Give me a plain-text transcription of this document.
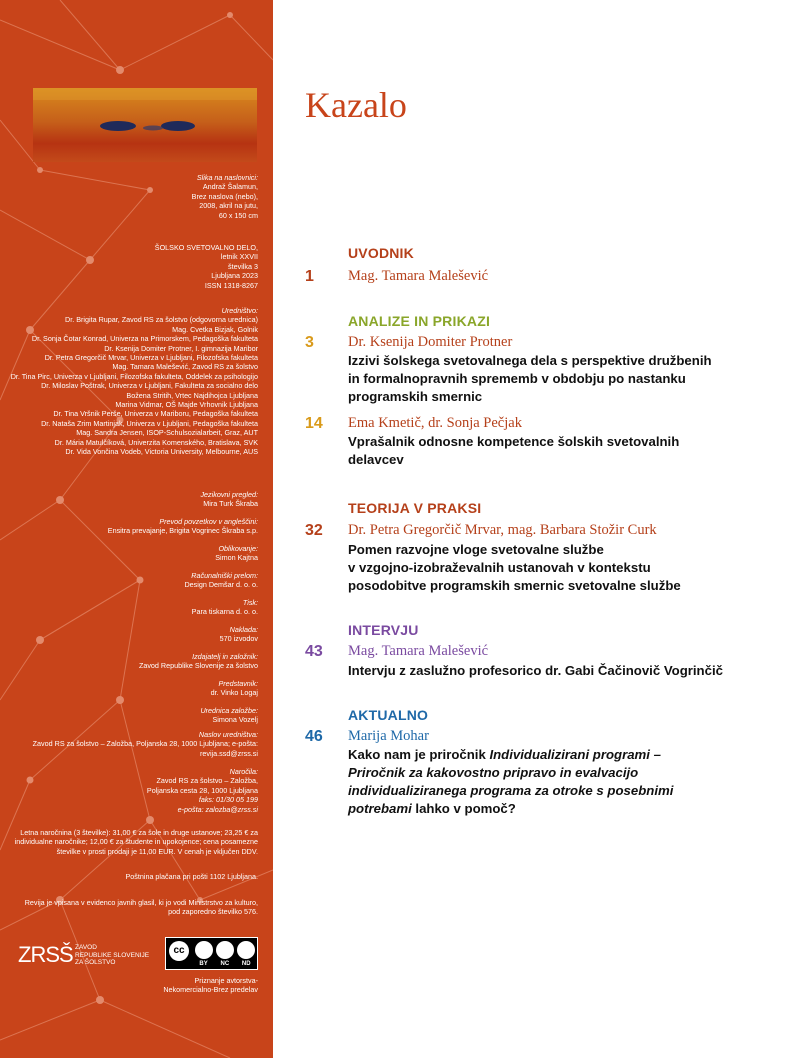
Slika na naslovnici:
Andraž Šalamun,
Brez naslova (nebo),
2008, akril na jutu,
60 x 150 cm
ŠOLSKO SVETOVALNO DELO,
letnik XXVII
številka 3
Ljubljana 2023
ISSN 1318-8267
Uredništvo:
Dr. Brigita Rupar, Zavod RS za šolstvo (odgovorna urednica)
Mag. Cvetka Bizjak, Golnik
Dr. Sonja Čotar Konrad, Univerza na Primorskem, Pedagoška fakulteta
Dr. Ksenija Domiter Protner, I. gimnazija Maribor
Dr. Petra Gregorčič Mrvar, Univerza v Ljubljani, Filozofska fakulteta
Mag. Tamara Malešević, Zavod RS za šolstvo
Dr. Tina Pirc, Univerza v Ljubljani, Filozofska fakulteta, Oddelek za psihologijo
Dr. Miloslav Poštrak, Univerza v Ljubljani, Fakulteta za socialno delo
Božena Stritih, Vrtec Najdihojca Ljubljana
Marina Vidmar, OŠ Majde Vrhovnik Ljubljana
Dr. Tina Vršnik Perše, Univerza v Mariboru, Pedagoška fakulteta
Dr. Nataša Zrim Martinjak, Univerza v Ljubljani, Pedagoška fakulteta
Mag. Sandra Jensen, ISOP-Schulsozialarbeit, Graz, AUT
Dr. Mária Matulčíková, Univerzita Komenského, Bratislava, SVK
Dr. Vida Vončina Vodeb, Victoria University, Melbourne, AUS
Jezikovni pregled:
Mira Turk Škraba
Prevod povzetkov v angleščini:
Ensitra prevajanje, Brigita Vogrinec Škraba s.p.
Oblikovanje:
Simon Kajtna
Računalniški prelom:
Design Demšar d. o. o.
Tisk:
Para tiskarna d. o. o.
Naklada:
570 izvodov
Izdajatelj in založnik:
Zavod Republike Slovenije za šolstvo
Predstavnik:
dr. Vinko Logaj
Urednica založbe:
Simona Vozelj
Naslov uredništva:
Zavod RS za šolstvo – Založba, Poljanska 28, 1000 Ljubljana; e-pošta:
revija.ssd@zrss.si
Naročila:
Zavod RS za šolstvo – Založba,
Poljanska cesta 28, 1000 Ljubljana
faks: 01/30 05 199
e-pošta: zalozba@zrss.si
Letna naročnina (3 številke): 31,00 € za šole in druge ustanove; 23,25 € za
individualne naročnike; 12,00 € za študente in upokojence; cena posamezne
številke v prosti prodaji je 11,00 EUR. V cenah je vključen DDV.
Poštnina plačana pri pošti 1102 Ljubljana.
Revija je vpisana v evidenco javnih glasil, ki jo vodi Ministrstvo za kulturo,
pod zaporedno številko 576.
ZRSŠ ZAVOD
REPUBLIKE SLOVENIJE
ZA ŠOLSTVO
cc
BY NC ND
Priznanje avtorstva-
Nekomercialno-Brez predelav
Kazalo
UVODNIK
1 Mag. Tamara Malešević
ANALIZE IN PRIKAZI
3 Dr. Ksenija Domiter Protner
Izzivi šolskega svetovalnega dela s perspektive družbenih
in formalnopravnih sprememb v obdobju po nastanku
programskih smernic
14 Ema Kmetič, dr. Sonja Pečjak
Vprašalnik odnosne kompetence šolskih svetovalnih
delavcev
TEORIJA V PRAKSI
32 Dr. Petra Gregorčič Mrvar, mag. Barbara Stožir Curk
Pomen razvojne vloge svetovalne službe
v vzgojno-izobraževalnih ustanovah v kontekstu
posodobitve programskih smernic svetovalne službe
INTERVJU
43 Mag. Tamara Malešević
Intervju z zaslužno profesorico dr. Gabi Čačinovič Vogrinčič
AKTUALNO
46 Marija Mohar
Kako nam je priročnik Individualizirani programi –
Priročnik za kakovostno pripravo in evalvacijo
individualiziranega programa za otroke s posebnimi
potrebami lahko v pomoč?
